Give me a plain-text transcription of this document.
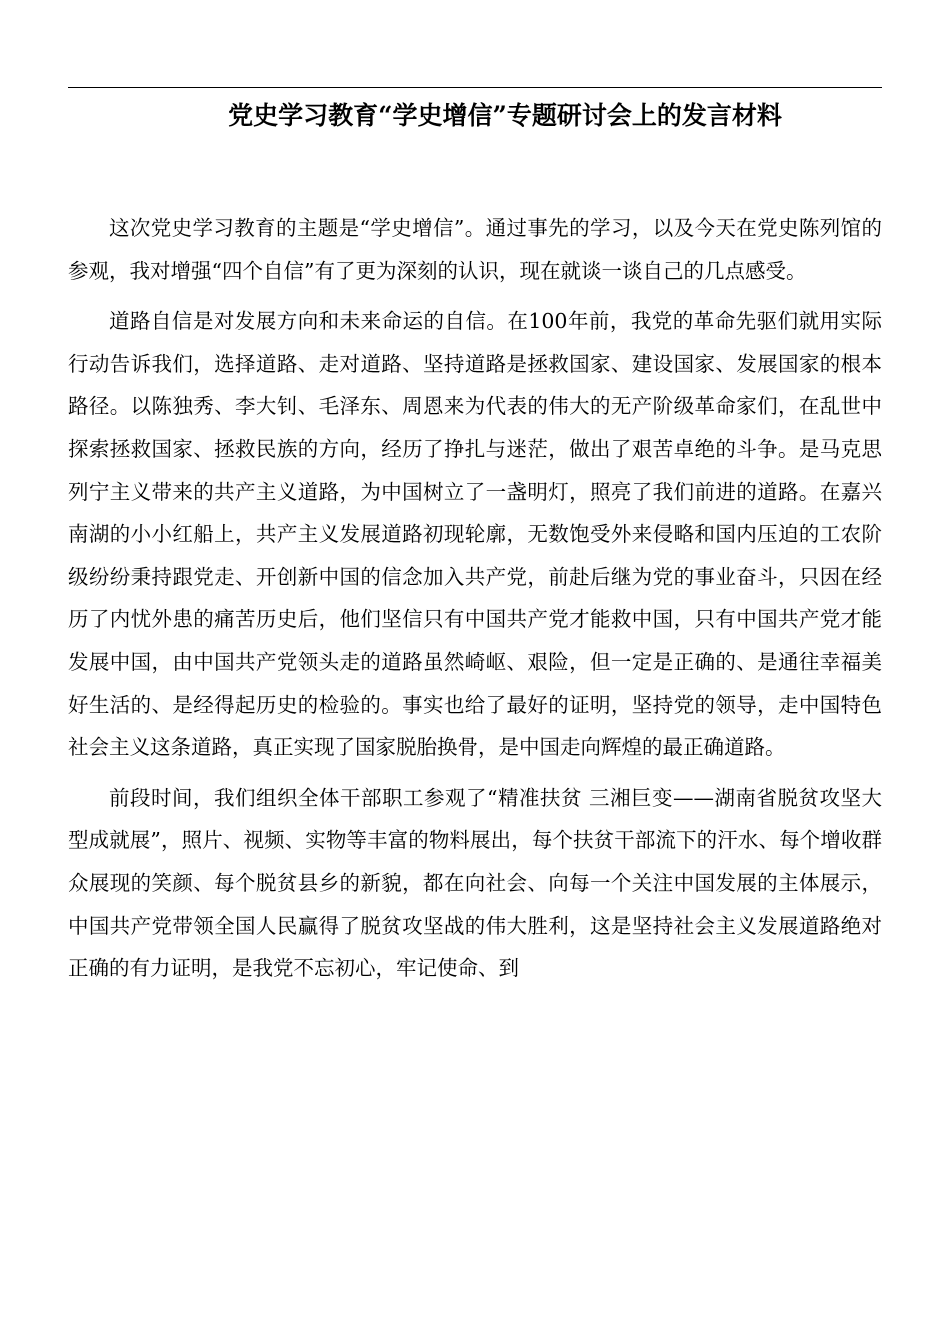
党史学习教育“学史增信”专题研讨会上的发言材料

这次党史学习教育的主题是“学史增信”。通过事先的学习，以及今天在党史陈列馆的参观，我对增强“四个自信”有了更为深刻的认识，现在就谈一谈自己的几点感受。

道路自信是对发展方向和未来命运的自信。在100年前，我党的革命先驱们就用实际行动告诉我们，选择道路、走对道路、坚持道路是拯救国家、建设国家、发展国家的根本路径。以陈独秀、李大钊、毛泽东、周恩来为代表的伟大的无产阶级革命家们，在乱世中探索拯救国家、拯救民族的方向，经历了挣扎与迷茫，做出了艰苦卓绝的斗争。是马克思列宁主义带来的共产主义道路，为中国树立了一盏明灯，照亮了我们前进的道路。在嘉兴南湖的小小红船上，共产主义发展道路初现轮廓，无数饱受外来侵略和国内压迫的工农阶级纷纷秉持跟党走、开创新中国的信念加入共产党，前赴后继为党的事业奋斗，只因在经历了内忧外患的痛苦历史后，他们坚信只有中国共产党才能救中国，只有中国共产党才能发展中国，由中国共产党领头走的道路虽然崎岖、艰险，但一定是正确的、是通往幸福美好生活的、是经得起历史的检验的。事实也给了最好的证明，坚持党的领导，走中国特色社会主义这条道路，真正实现了国家脱胎换骨，是中国走向辉煌的最正确道路。

前段时间，我们组织全体干部职工参观了“精准扶贫 三湘巨变——湖南省脱贫攻坚大型成就展”，照片、视频、实物等丰富的物料展出，每个扶贫干部流下的汗水、每个增收群众展现的笑颜、每个脱贫县乡的新貌，都在向社会、向每一个关注中国发展的主体展示，中国共产党带领全国人民赢得了脱贫攻坚战的伟大胜利，这是坚持社会主义发展道路绝对正确的有力证明，是我党不忘初心，牢记使命、到
